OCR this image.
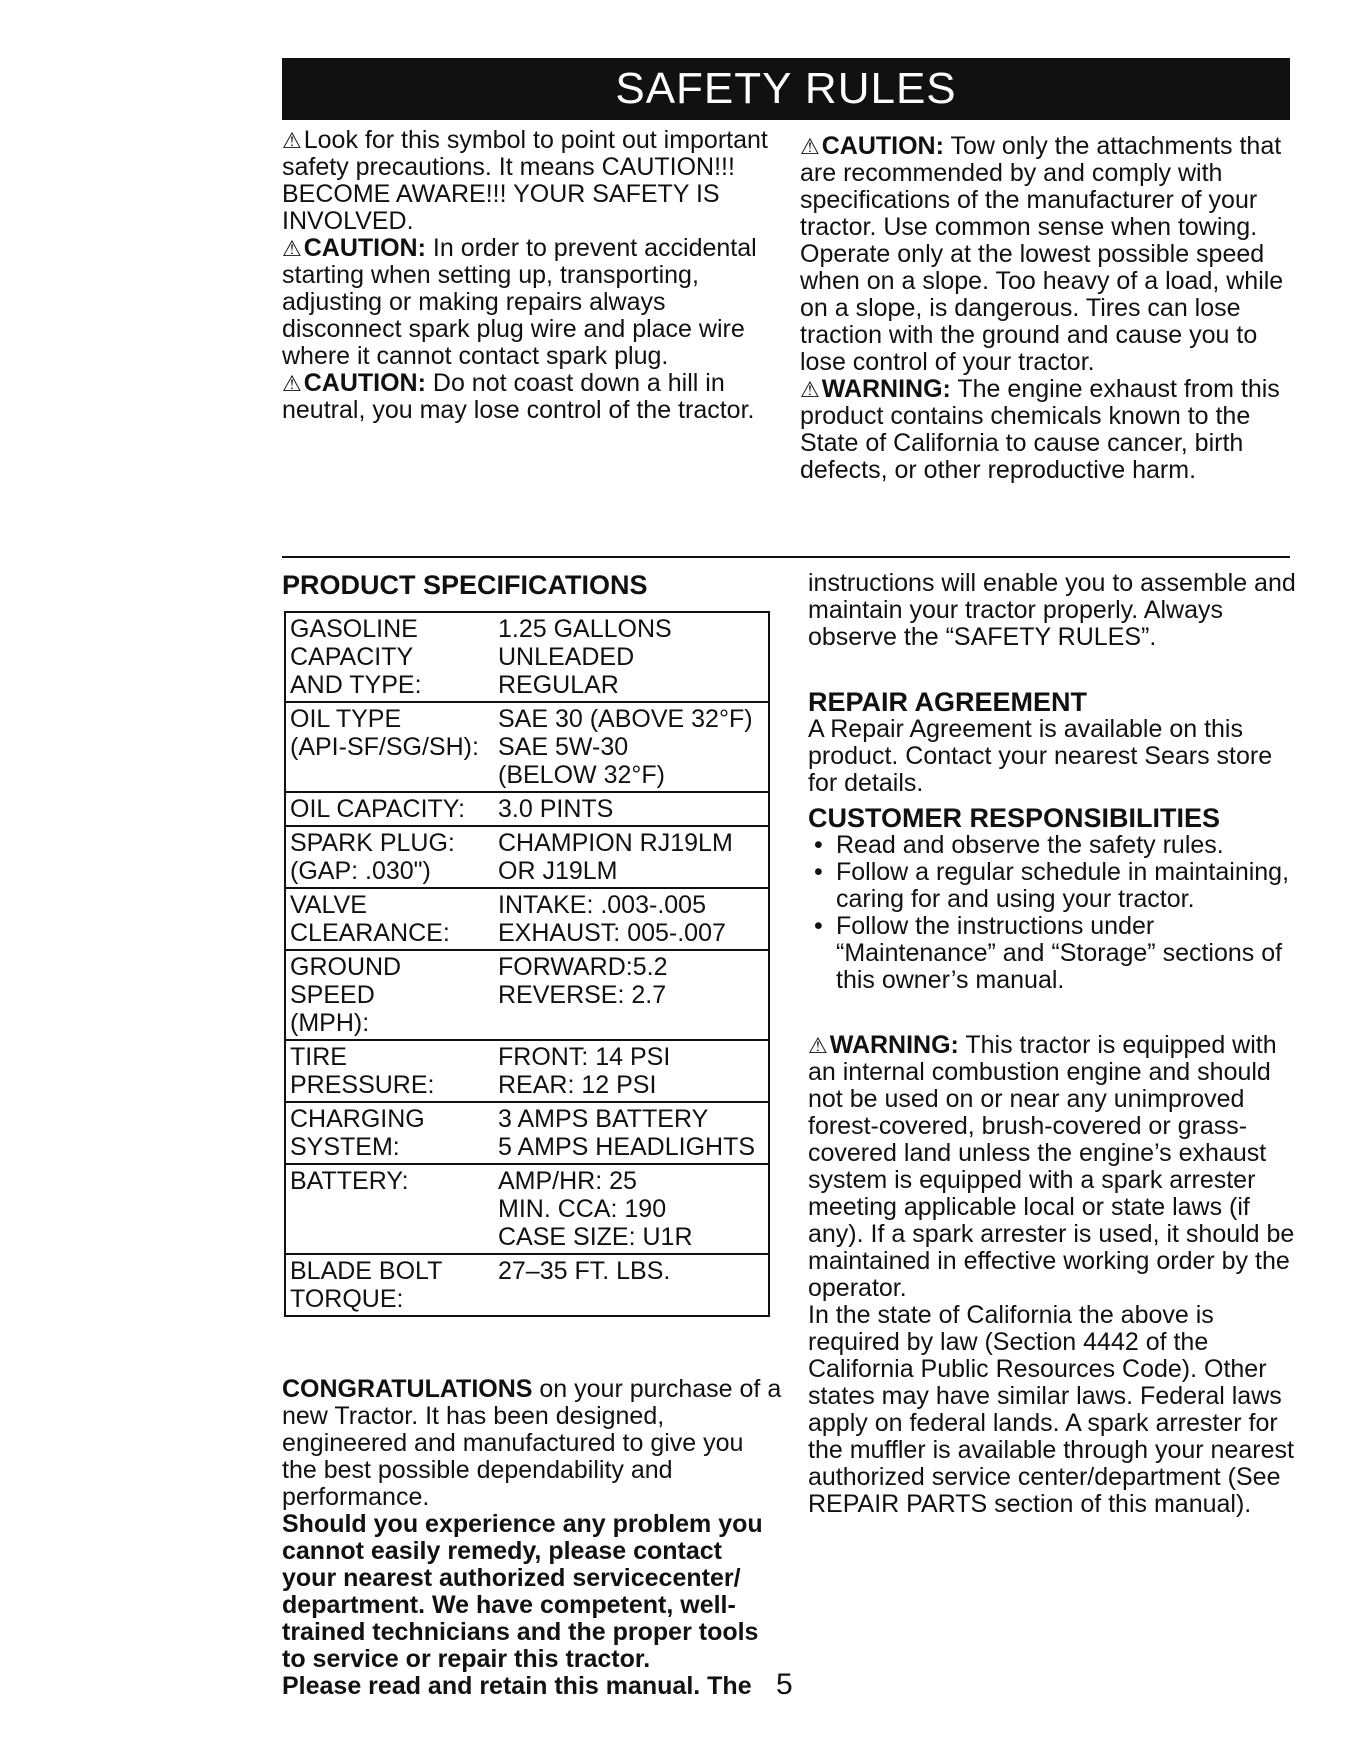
SAFETY RULES

⚠Look for this symbol to point out important safety precautions. It means CAUTION!!! BECOME AWARE!!! YOUR SAFETY IS INVOLVED.

⚠CAUTION: In order to prevent accidental starting when setting up, transporting, adjusting or making repairs always disconnect spark plug wire and place wire where it cannot contact spark plug.

⚠CAUTION: Do not coast down a hill in neutral, you may lose control of the tractor.

⚠CAUTION: Tow only the attachments that are recommended by and comply with specifications of the manufacturer of your tractor. Use common sense when towing. Operate only at the lowest possible speed when on a slope. Too heavy of a load, while on a slope, is dangerous. Tires can lose traction with the ground and cause you to lose control of your tractor.

⚠WARNING: The engine exhaust from this product contains chemicals known to the State of California to cause cancer, birth defects, or other reproductive harm.

PRODUCT SPECIFICATIONS
GASOLINE
CAPACITY
AND TYPE:	1.25 GALLONS
UNLEADED
REGULAR
OIL TYPE
(API-SF/SG/SH):	SAE 30 (ABOVE 32°F)
SAE 5W-30
(BELOW 32°F)
OIL CAPACITY:	3.0 PINTS
SPARK PLUG:
(GAP: .030")	CHAMPION RJ19LM
OR J19LM
VALVE
CLEARANCE:	INTAKE: .003-.005
EXHAUST: 005-.007
GROUND SPEED
(MPH):	FORWARD:5.2
REVERSE: 2.7

TIRE PRESSURE:	FRONT: 14 PSI
REAR: 12 PSI
CHARGING
SYSTEM:	3 AMPS BATTERY
5 AMPS HEADLIGHTS
BATTERY:	AMP/HR: 25
MIN. CCA: 190
CASE SIZE: U1R
BLADE BOLT
TORQUE:	27–35 FT. LBS.

CONGRATULATIONS on your purchase of a new Tractor. It has been designed, engineered and manufactured to give you the best possible dependability and performance.

Should you experience any problem you cannot easily remedy, please contact your nearest authorized servicecenter/ department. We have competent, well-trained technicians and the proper tools to service or repair this tractor.

Please read and retain this manual. The

instructions will enable you to assemble and maintain your tractor properly. Always observe the “SAFETY RULES”.

REPAIR AGREEMENT

A Repair Agreement is available on this product. Contact your nearest Sears store for details.

CUSTOMER RESPONSIBILITIES

• Read and observe the safety rules.
• Follow a regular schedule in maintaining, caring for and using your tractor.
• Follow the instructions under “Maintenance” and “Storage” sections of this owner’s manual.

⚠WARNING: This tractor is equipped with an internal combustion engine and should not be used on or near any unimproved forest-covered, brush-covered or grass-covered land unless the engine’s exhaust system is equipped with a spark arrester meeting applicable local or state laws (if any). If a spark arrester is used, it should be maintained in effective working order by the operator.

In the state of California the above is required by law (Section 4442 of the California Public Resources Code). Other states may have similar laws. Federal laws apply on federal lands. A spark arrester for the muffler is available through your nearest authorized service center/department (See REPAIR PARTS section of this manual).

5
